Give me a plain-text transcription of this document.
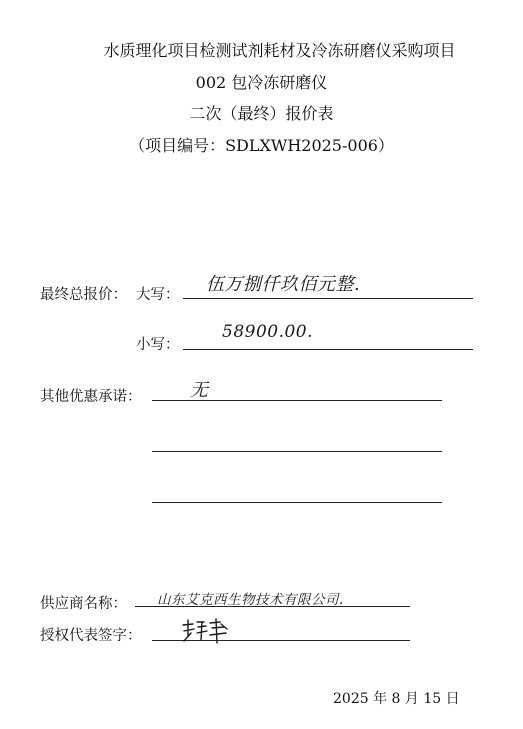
水质理化项目检测试剂耗材及冷冻研磨仪采购项目
002 包冷冻研磨仪
二次（最终）报价表
（项目编号：SDLXWH2025-006）
最终总报价： 大写： 伍万捌仟玖佰元整.
小写：
58900.00.
其他优惠承诺：	无
供应商名称： 山东艾克西生物技术有限公司.
授权代表签字：
2025 年 8 月 15 日
